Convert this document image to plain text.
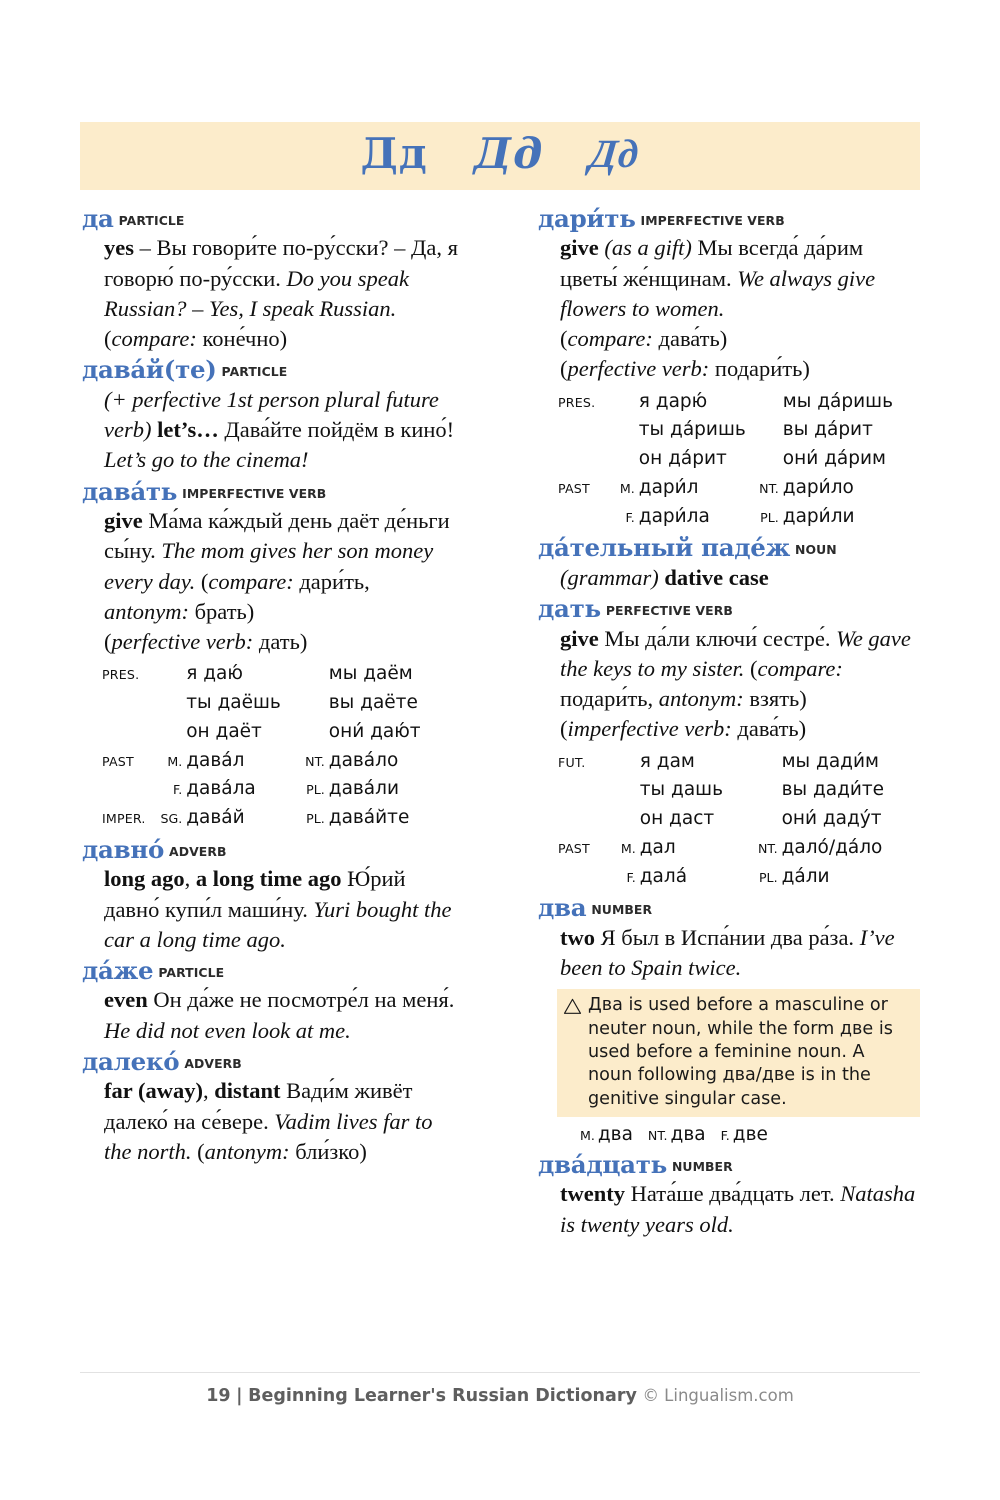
Дд Дд Дд
да PARTICLE
yes – Вы говори́те по-ру́сски? – Да, я говорю́ по-ру́сски. Do you speak Russian? – Yes, I speak Russian. (compare: коне́чно)
дава́й(те) PARTICLE
(+ perfective 1st person plural future verb) let’s… Дава́йте пойдём в кино́! Let’s go to the cinema!
дава́ть IMPERFECTIVE VERB
give Ма́ма ка́ждый день даёт де́ньги сы́ну. The mom gives her son money every day. (compare: дари́ть, antonym: брать)
(perfective verb: дать)
PRES.		я даю́		мы даём
		ты даёшь		вы даёте
		он даёт		они́ даю́т
PAST	M.	дава́л	NT.	дава́ло
	F.	дава́ла	PL.	дава́ли
IMPER.	SG.	дава́й	PL.	дава́йте
давно́ ADVERB
long ago, a long time ago Ю́рий давно́ купи́л маши́ну. Yuri bought the car a long time ago.
да́же PARTICLE
even Он да́же не посмотре́л на меня́. He did not even look at me.
далеко́ ADVERB
far (away), distant Вади́м живёт далеко́ на се́вере. Vadim lives far to the north. (antonym: бли́зко)
дари́ть IMPERFECTIVE VERB
give (as a gift) Мы всегда́ да́рим цветы́ же́нщинам. We always give flowers to women.
(compare: дава́ть)
(perfective verb: подари́ть)
PRES.		я дарю́		мы да́ришь
		ты да́ришь		вы да́рит
		он да́рит		они́ да́рим
PAST	M.	дари́л	NT.	дари́ло
	F.	дари́ла	PL.	дари́ли
да́тельный паде́ж NOUN
(grammar) dative case
дать PERFECTIVE VERB
give Мы да́ли ключи́ сестре́. We gave the keys to my sister. (compare: подари́ть, antonym: взять)
(imperfective verb: дава́ть)
FUT.		я дам		мы дади́м
		ты дашь		вы дади́те
		он даст		они́ даду́т
PAST	M.	дал	NT.	дало́/да́ло
	F.	дала́	PL.	да́ли
два NUMBER
two Я был в Испа́нии два ра́за. I’ve been to Spain twice.
Два is used before a masculine or neuter noun, while the form две is used before a feminine noun. A noun following два/две is in the genitive singular case.
M. два NT. два F. две
два́дцать NUMBER
twenty Ната́ше два́дцать лет. Natasha is twenty years old.
19 | Beginning Learner's Russian Dictionary © Lingualism.com
